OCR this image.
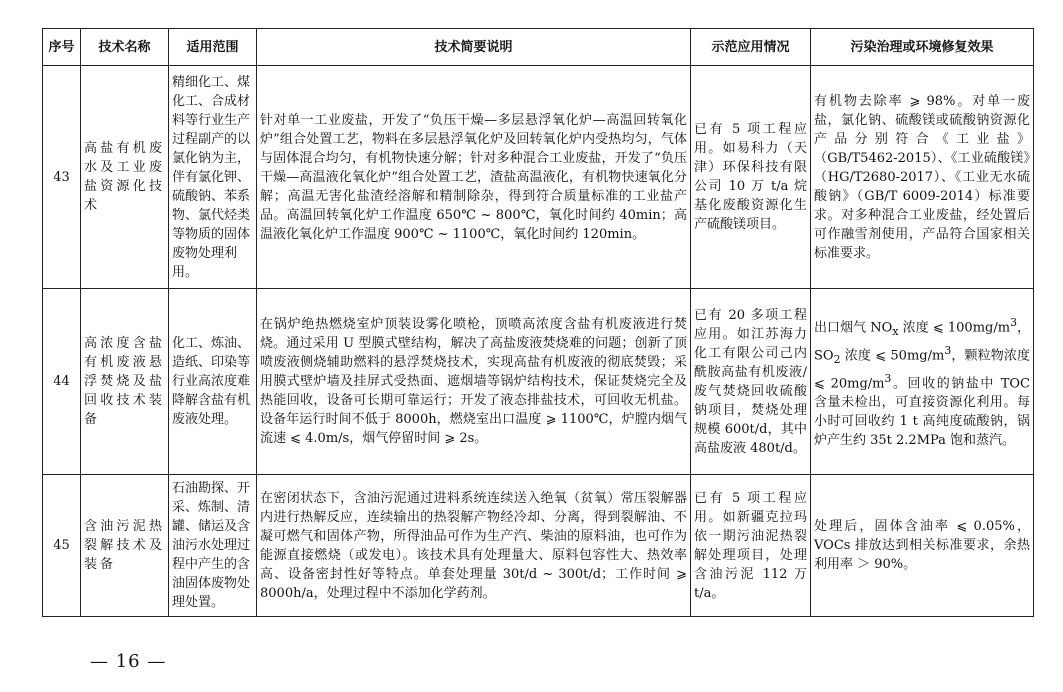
序号	技术名称	适用范围	技术简要说明	示范应用情况	污染治理或环境修复效果
43	高盐有机废水及工业废盐资源化技术	精细化工、煤化工、合成材料等行业生产过程副产的以氯化钠为主，伴有氯化钾、硫酸钠、苯系物、氯代烃类等物质的固体废物处理利用。	针对单一工业废盐，开发了“负压干燥—多层悬浮氧化炉—高温回转氧化炉”组合处置工艺，物料在多层悬浮氧化炉及回转氧化炉内受热均匀，气体与固体混合均匀，有机物快速分解；针对多种混合工业废盐，开发了“负压干燥—高温液化氧化炉”组合处置工艺，渣盐高温液化，有机物快速氧化分解；高温无害化盐渣经溶解和精制除杂，得到符合质量标准的工业盐产品。高温回转氧化炉工作温度 650℃ ~ 800℃，氧化时间约 40min；高温液化氧化炉工作温度 900℃ ~ 1100℃，氧化时间约 120min。	已有 5 项工程应用。如易科力（天津）环保科技有限公司 10 万 t/a 烷基化废酸资源化生产硫酸镁项目。	有机物去除率 ⩾ 98%。对单一废盐，氯化钠、硫酸镁或硫酸钠资源化产品分别符合《工业盐》（GB/T5462-2015）、《工业硫酸镁》（HG/T2680-2017）、《工业无水硫酸钠》（GB/T 6009-2014）标准要求。对多种混合工业废盐，经处置后可作融雪剂使用，产品符合国家相关标准要求。
44	高浓度含盐有机废液悬浮焚烧及盐回收技术装备	化工、炼油、造纸、印染等行业高浓度难降解含盐有机废液处理。	在锅炉绝热燃烧室炉顶装设雾化喷枪，顶喷高浓度含盐有机废液进行焚烧。通过采用 U 型膜式壁结构，解决了高盐废液焚烧难的问题；创新了顶喷废液侧烧辅助燃料的悬浮焚烧技术，实现高盐有机废液的彻底焚毁；采用膜式壁炉墙及挂屏式受热面、遮烟墙等锅炉结构技术，保证焚烧完全及热能回收，设备可长期可靠运行；开发了液态排盐技术，可回收无机盐。设备年运行时间不低于 8000h，燃烧室出口温度 ⩾ 1100℃，炉膛内烟气流速 ⩽ 4.0m/s，烟气停留时间 ⩾ 2s。	已有 20 多项工程应用。如江苏海力化工有限公司己内酰胺高盐有机废液/废气焚烧回收硫酸钠项目，焚烧处理规模 600t/d，其中高盐废液 480t/d。	出口烟气 $NO_x$ 浓度 ⩽ $100mg/m^3$，$SO_2$ 浓度 ⩽ $50mg/m^3$，颗粒物浓度 ⩽ $20mg/m^3$。回收的钠盐中 TOC 含量未检出，可直接资源化利用。每小时可回收约 1 t 高纯度硫酸钠，锅炉产生约 35t 2.2MPa 饱和蒸汽。
45	含油污泥热裂解技术及装备	石油勘探、开采、炼制、清罐、储运及含油污水处理过程中产生的含油固体废物处理处置。	在密闭状态下，含油污泥通过进料系统连续送入绝氧（贫氧）常压裂解器内进行热解反应，连续输出的热裂解产物经冷却、分离，得到裂解油、不凝可燃气和固体产物，所得油品可作为生产汽、柴油的原料油，也可作为能源直接燃烧（或发电）。该技术具有处理量大、原料包容性大、热效率高、设备密封性好等特点。单套处理量 30t/d ~ 300t/d；工作时间 ⩾ 8000h/a，处理过程中不添加化学药剂。	已有 5 项工程应用。如新疆克拉玛依一期污油泥热裂解处理项目，处理含油污泥 112 万 t/a。	处理后，固体含油率 ⩽ 0.05%，VOCs 排放达到相关标准要求，余热利用率 ＞ 90%。
— 16 —
